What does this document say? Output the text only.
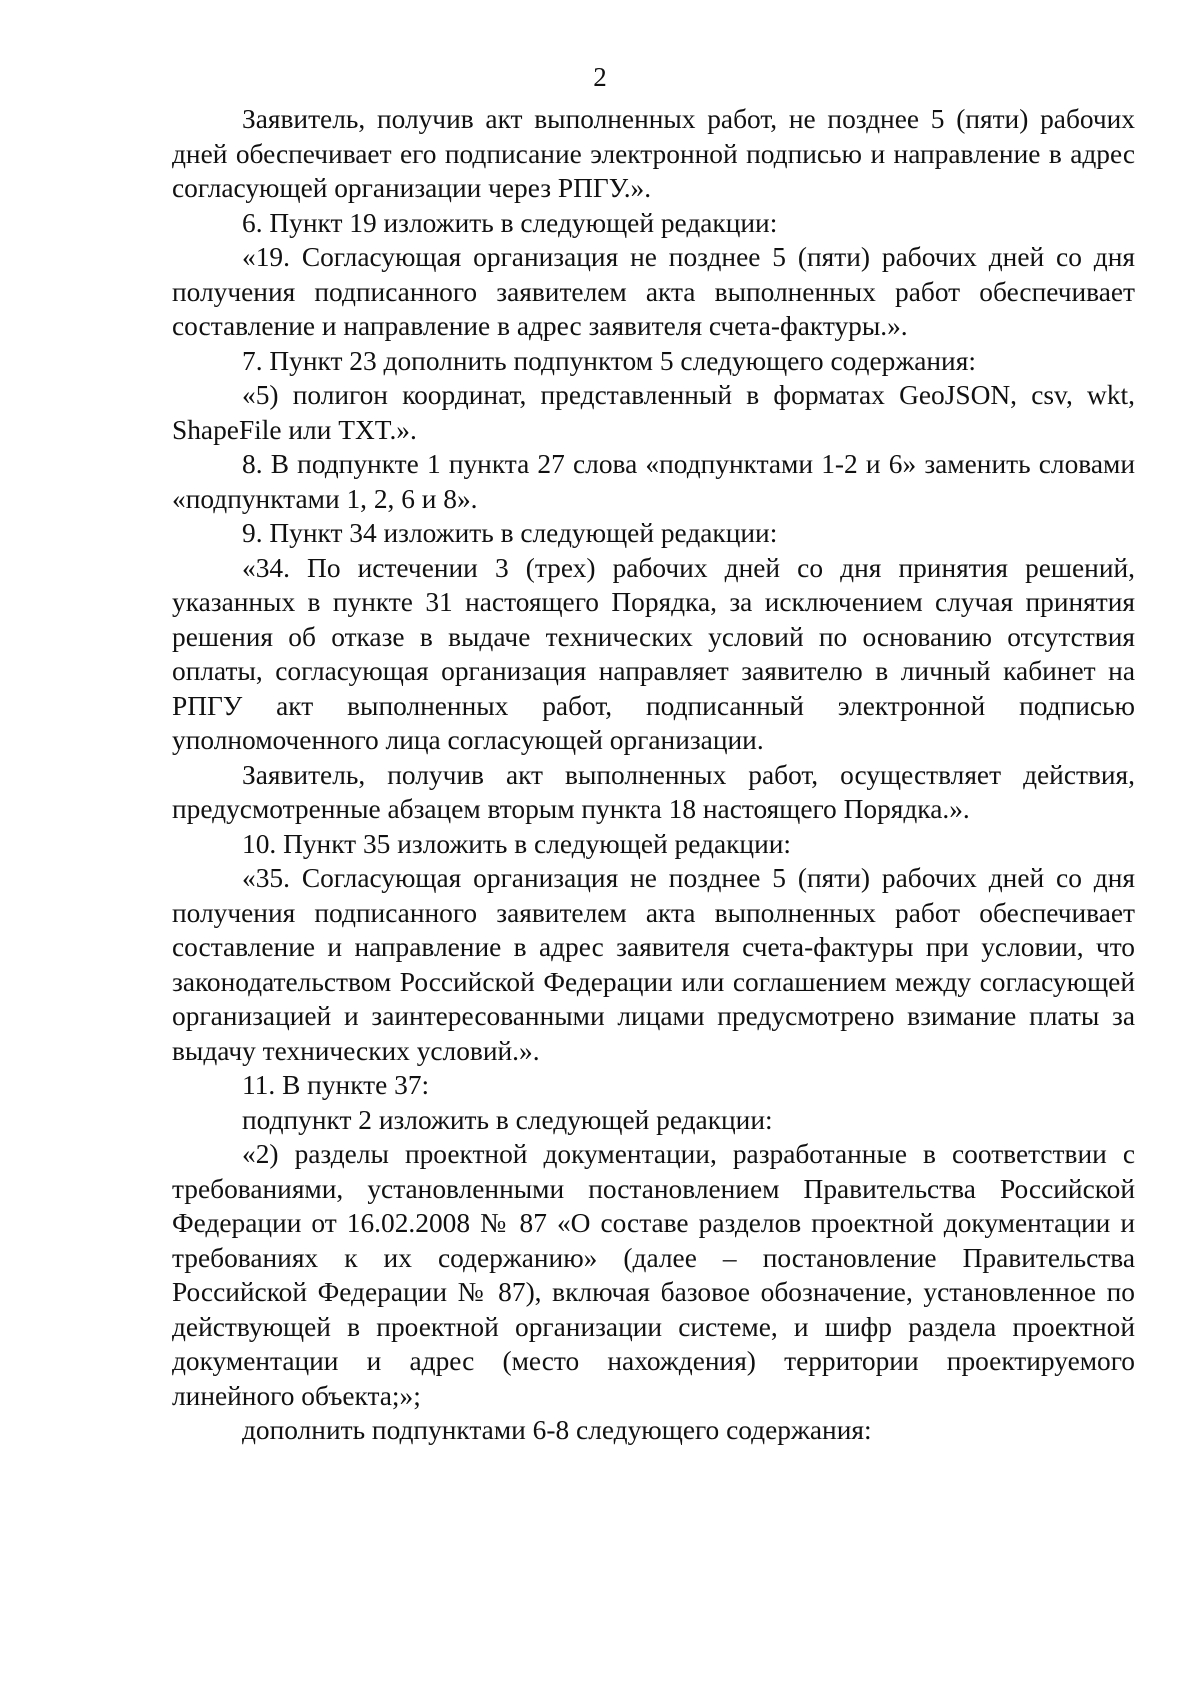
2

Заявитель, получив акт выполненных работ, не позднее 5 (пяти) рабочих дней обеспечивает его подписание электронной подписью и направление в адрес согласующей организации через РПГУ.».

6. Пункт 19 изложить в следующей редакции:

«19. Согласующая организация не позднее 5 (пяти) рабочих дней со дня получения подписанного заявителем акта выполненных работ обеспечивает составление и направление в адрес заявителя счета-фактуры.».

7. Пункт 23 дополнить подпунктом 5 следующего содержания:

«5) полигон координат, представленный в форматах GeoJSON, csv, wkt, ShapeFile или TXT.».

8. В подпункте 1 пункта 27 слова «подпунктами 1-2 и 6» заменить словами «подпунктами 1, 2, 6 и 8».

9. Пункт 34 изложить в следующей редакции:

«34. По истечении 3 (трех) рабочих дней со дня принятия решений, указанных в пункте 31 настоящего Порядка, за исключением случая принятия решения об отказе в выдаче технических условий по основанию отсутствия оплаты, согласующая организация направляет заявителю в личный кабинет на РПГУ акт выполненных работ, подписанный электронной подписью уполномоченного лица согласующей организации.

Заявитель, получив акт выполненных работ, осуществляет действия, предусмотренные абзацем вторым пункта 18 настоящего Порядка.».

10. Пункт 35 изложить в следующей редакции:

«35. Согласующая организация не позднее 5 (пяти) рабочих дней со дня получения подписанного заявителем акта выполненных работ обеспечивает составление и направление в адрес заявителя счета-фактуры при условии, что законодательством Российской Федерации или соглашением между согласующей организацией и заинтересованными лицами предусмотрено взимание платы за выдачу технических условий.».

11. В пункте 37:

подпункт 2 изложить в следующей редакции:

«2) разделы проектной документации, разработанные в соответствии с требованиями, установленными постановлением Правительства Российской Федерации от 16.02.2008 № 87 «О составе разделов проектной документации и требованиях к их содержанию» (далее – постановление Правительства Российской Федерации № 87), включая базовое обозначение, установленное по действующей в проектной организации системе, и шифр раздела проектной документации и адрес (место нахождения) территории проектируемого линейного объекта;»;

дополнить подпунктами 6-8 следующего содержания:
